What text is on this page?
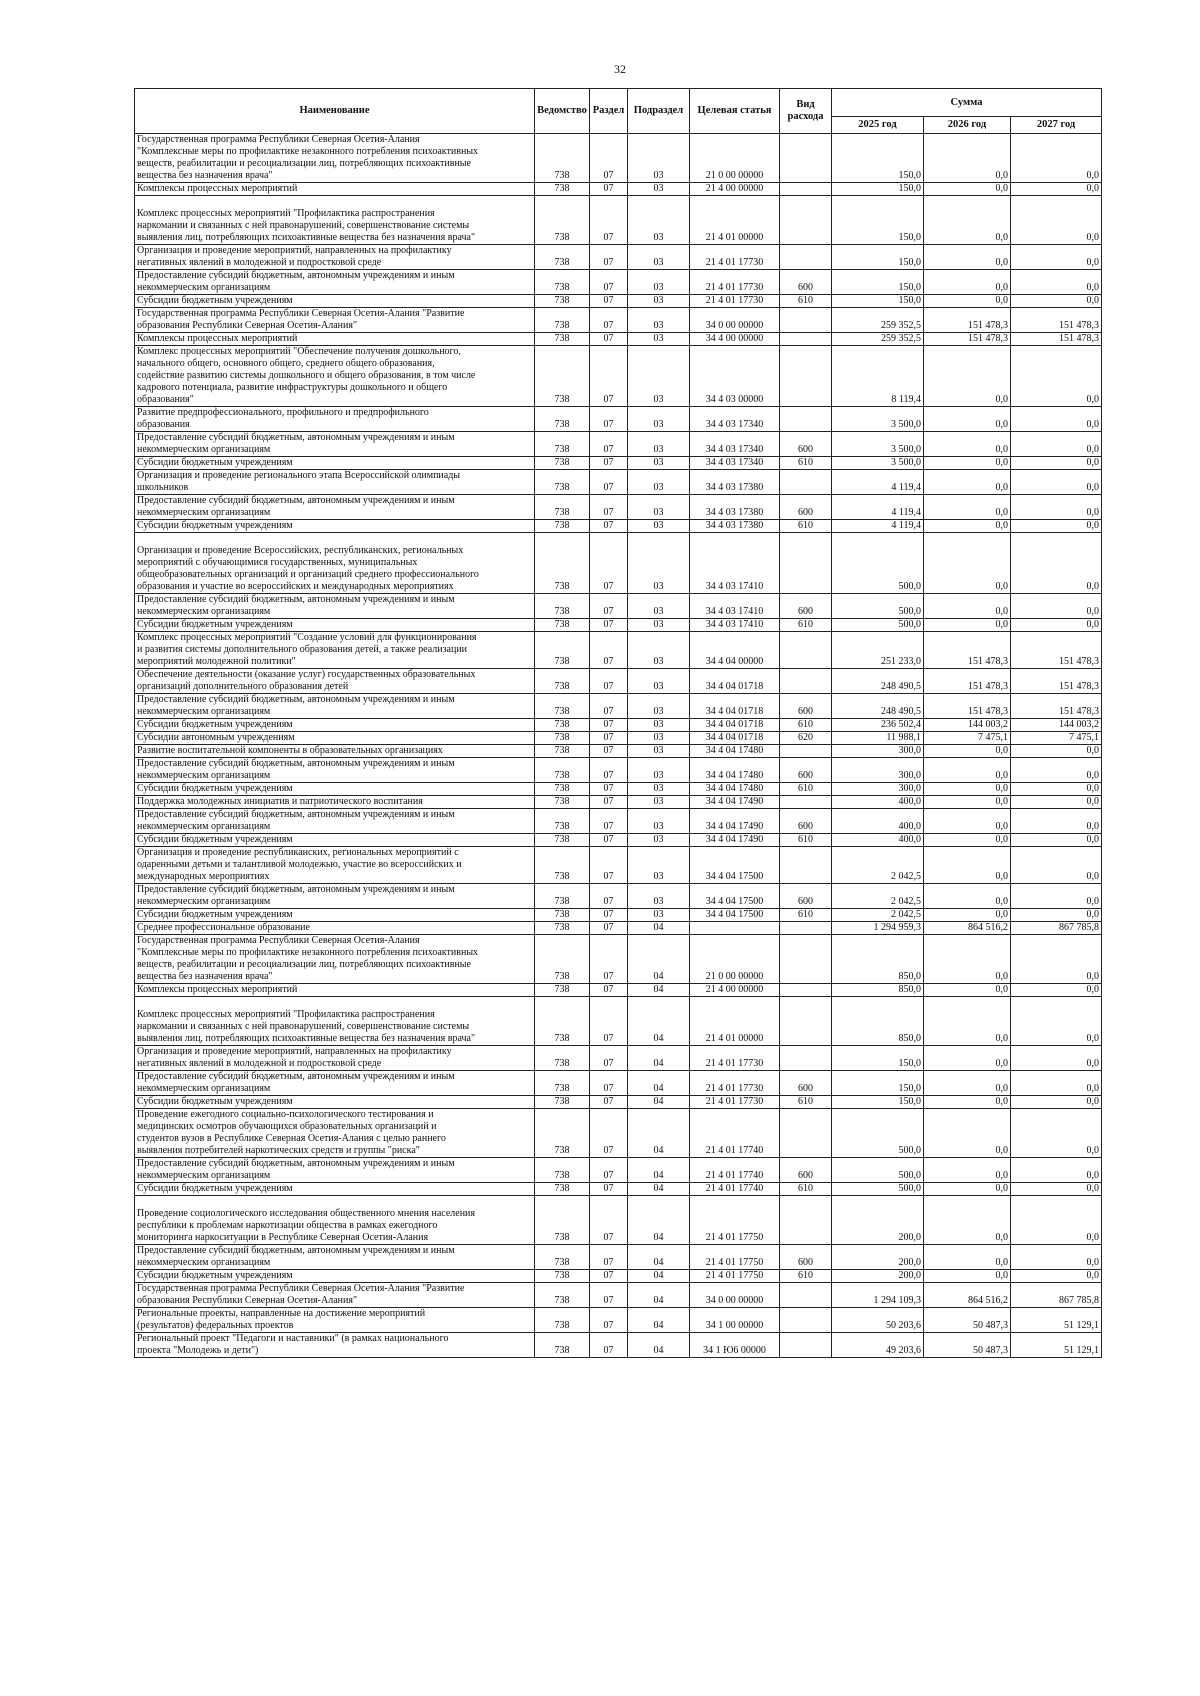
32
Наименование	Ведомство	Раздел	Подраздел	Целевая статья	Вид расхода	Сумма		
						2025 год	2026 год	2027 год
Государственная программа Республики Северная Осетия-Алания
"Комплексные меры по профилактике незаконного потребления психоактивных
веществ, реабилитации и ресоциализации лиц, потребляющих психоактивные
вещества без назначения врача"	738	07	03	21 0 00 00000		150,0	0,0	0,0
Комплексы процессных мероприятий	738	07	03	21 4 00 00000		150,0	0,0	0,0

Комплекс процессных мероприятий "Профилактика распространения
наркомании и связанных с ней правонарушений, совершенствование системы
выявления лиц, потребляющих психоактивные вещества без назначения врача"	738	07	03	21 4 01 00000		150,0	0,0	0,0
Организация и проведение мероприятий, направленных на профилактику
негативных явлений в молодежной и подростковой среде	738	07	03	21 4 01 17730		150,0	0,0	0,0
Предоставление субсидий бюджетным, автономным учреждениям и иным
некоммерческим организациям	738	07	03	21 4 01 17730	600	150,0	0,0	0,0
Субсидии бюджетным учреждениям	738	07	03	21 4 01 17730	610	150,0	0,0	0,0
Государственная программа Республики Северная Осетия-Алания "Развитие
образования Республики Северная Осетия-Алания"	738	07	03	34 0 00 00000		259 352,5	151 478,3	151 478,3
Комплексы процессных мероприятий	738	07	03	34 4 00 00000		259 352,5	151 478,3	151 478,3
Комплекс процессных мероприятий "Обеспечение получения дошкольного,
начального общего, основного общего, среднего общего образования,
содействие развитию системы дошкольного и общего образования, в том числе
кадрового потенциала, развитие инфраструктуры дошкольного и общего
образования"	738	07	03	34 4 03 00000		8 119,4	0,0	0,0
Развитие предпрофессионального, профильного и предпрофильного
образования	738	07	03	34 4 03 17340		3 500,0	0,0	0,0
Предоставление субсидий бюджетным, автономным учреждениям и иным
некоммерческим организациям	738	07	03	34 4 03 17340	600	3 500,0	0,0	0,0
Субсидии бюджетным учреждениям	738	07	03	34 4 03 17340	610	3 500,0	0,0	0,0
Организация и проведение регионального этапа Всероссийской олимпиады
школьников	738	07	03	34 4 03 17380		4 119,4	0,0	0,0
Предоставление субсидий бюджетным, автономным учреждениям и иным
некоммерческим организациям	738	07	03	34 4 03 17380	600	4 119,4	0,0	0,0
Субсидии бюджетным учреждениям	738	07	03	34 4 03 17380	610	4 119,4	0,0	0,0

Организация и проведение Всероссийских, республиканских, региональных
мероприятий с обучающимися государственных, муниципальных
общеобразовательных организаций и организаций среднего профессионального
образования и участие во всероссийских и международных мероприятиях	738	07	03	34 4 03 17410		500,0	0,0	0,0
Предоставление субсидий бюджетным, автономным учреждениям и иным
некоммерческим организациям	738	07	03	34 4 03 17410	600	500,0	0,0	0,0
Субсидии бюджетным учреждениям	738	07	03	34 4 03 17410	610	500,0	0,0	0,0
Комплекс процессных мероприятий "Создание условий для функционирования
и развития системы дополнительного образования детей, а также реализации
мероприятий молодежной политики"	738	07	03	34 4 04 00000		251 233,0	151 478,3	151 478,3
Обеспечение деятельности (оказание услуг) государственных образовательных
организаций дополнительного образования детей	738	07	03	34 4 04 01718		248 490,5	151 478,3	151 478,3
Предоставление субсидий бюджетным, автономным учреждениям и иным
некоммерческим организациям	738	07	03	34 4 04 01718	600	248 490,5	151 478,3	151 478,3
Субсидии бюджетным учреждениям	738	07	03	34 4 04 01718	610	236 502,4	144 003,2	144 003,2
Субсидии автономным учреждениям	738	07	03	34 4 04 01718	620	11 988,1	7 475,1	7 475,1
Развитие воспитательной компоненты в образовательных организациях	738	07	03	34 4 04 17480		300,0	0,0	0,0
Предоставление субсидий бюджетным, автономным учреждениям и иным
некоммерческим организациям	738	07	03	34 4 04 17480	600	300,0	0,0	0,0
Субсидии бюджетным учреждениям	738	07	03	34 4 04 17480	610	300,0	0,0	0,0
Поддержка молодежных инициатив и патриотического воспитания	738	07	03	34 4 04 17490		400,0	0,0	0,0
Предоставление субсидий бюджетным, автономным учреждениям и иным
некоммерческим организациям	738	07	03	34 4 04 17490	600	400,0	0,0	0,0
Субсидии бюджетным учреждениям	738	07	03	34 4 04 17490	610	400,0	0,0	0,0
Организация и проведение республиканских, региональных мероприятий с
одаренными детьми и талантливой молодежью, участие во всероссийских и
международных мероприятиях	738	07	03	34 4 04 17500		2 042,5	0,0	0,0
Предоставление субсидий бюджетным, автономным учреждениям и иным
некоммерческим организациям	738	07	03	34 4 04 17500	600	2 042,5	0,0	0,0
Субсидии бюджетным учреждениям	738	07	03	34 4 04 17500	610	2 042,5	0,0	0,0
Среднее профессиональное образование	738	07	04			1 294 959,3	864 516,2	867 785,8
Государственная программа Республики Северная Осетия-Алания
"Комплексные меры по профилактике незаконного потребления психоактивных
веществ, реабилитации и ресоциализации лиц, потребляющих психоактивные
вещества без назначения врача"	738	07	04	21 0 00 00000		850,0	0,0	0,0
Комплексы процессных мероприятий	738	07	04	21 4 00 00000		850,0	0,0	0,0

Комплекс процессных мероприятий "Профилактика распространения
наркомании и связанных с ней правонарушений, совершенствование системы
выявления лиц, потребляющих психоактивные вещества без назначения врача"	738	07	04	21 4 01 00000		850,0	0,0	0,0
Организация и проведение мероприятий, направленных на профилактику
негативных явлений в молодежной и подростковой среде	738	07	04	21 4 01 17730		150,0	0,0	0,0
Предоставление субсидий бюджетным, автономным учреждениям и иным
некоммерческим организациям	738	07	04	21 4 01 17730	600	150,0	0,0	0,0
Субсидии бюджетным учреждениям	738	07	04	21 4 01 17730	610	150,0	0,0	0,0
Проведение ежегодного социально-психологического тестирования и
медицинских осмотров обучающихся образовательных организаций и
студентов вузов в Республике Северная Осетия-Алания с целью раннего
выявления потребителей наркотических средств и группы "риска"	738	07	04	21 4 01 17740		500,0	0,0	0,0
Предоставление субсидий бюджетным, автономным учреждениям и иным
некоммерческим организациям	738	07	04	21 4 01 17740	600	500,0	0,0	0,0
Субсидии бюджетным учреждениям	738	07	04	21 4 01 17740	610	500,0	0,0	0,0

Проведение социологического исследования общественного мнения населения
республики к проблемам наркотизации общества в рамках ежегодного
мониторинга наркоситуации в Республике Северная Осетия-Алания	738	07	04	21 4 01 17750		200,0	0,0	0,0
Предоставление субсидий бюджетным, автономным учреждениям и иным
некоммерческим организациям	738	07	04	21 4 01 17750	600	200,0	0,0	0,0
Субсидии бюджетным учреждениям	738	07	04	21 4 01 17750	610	200,0	0,0	0,0
Государственная программа Республики Северная Осетия-Алания "Развитие
образования Республики Северная Осетия-Алания"	738	07	04	34 0 00 00000		1 294 109,3	864 516,2	867 785,8
Региональные проекты, направленные на достижение мероприятий
(результатов) федеральных проектов	738	07	04	34 1 00 00000		50 203,6	50 487,3	51 129,1
Региональный проект "Педагоги и наставники" (в рамках национального
проекта "Молодежь и дети")	738	07	04	34 1 Ю6 00000		49 203,6	50 487,3	51 129,1
